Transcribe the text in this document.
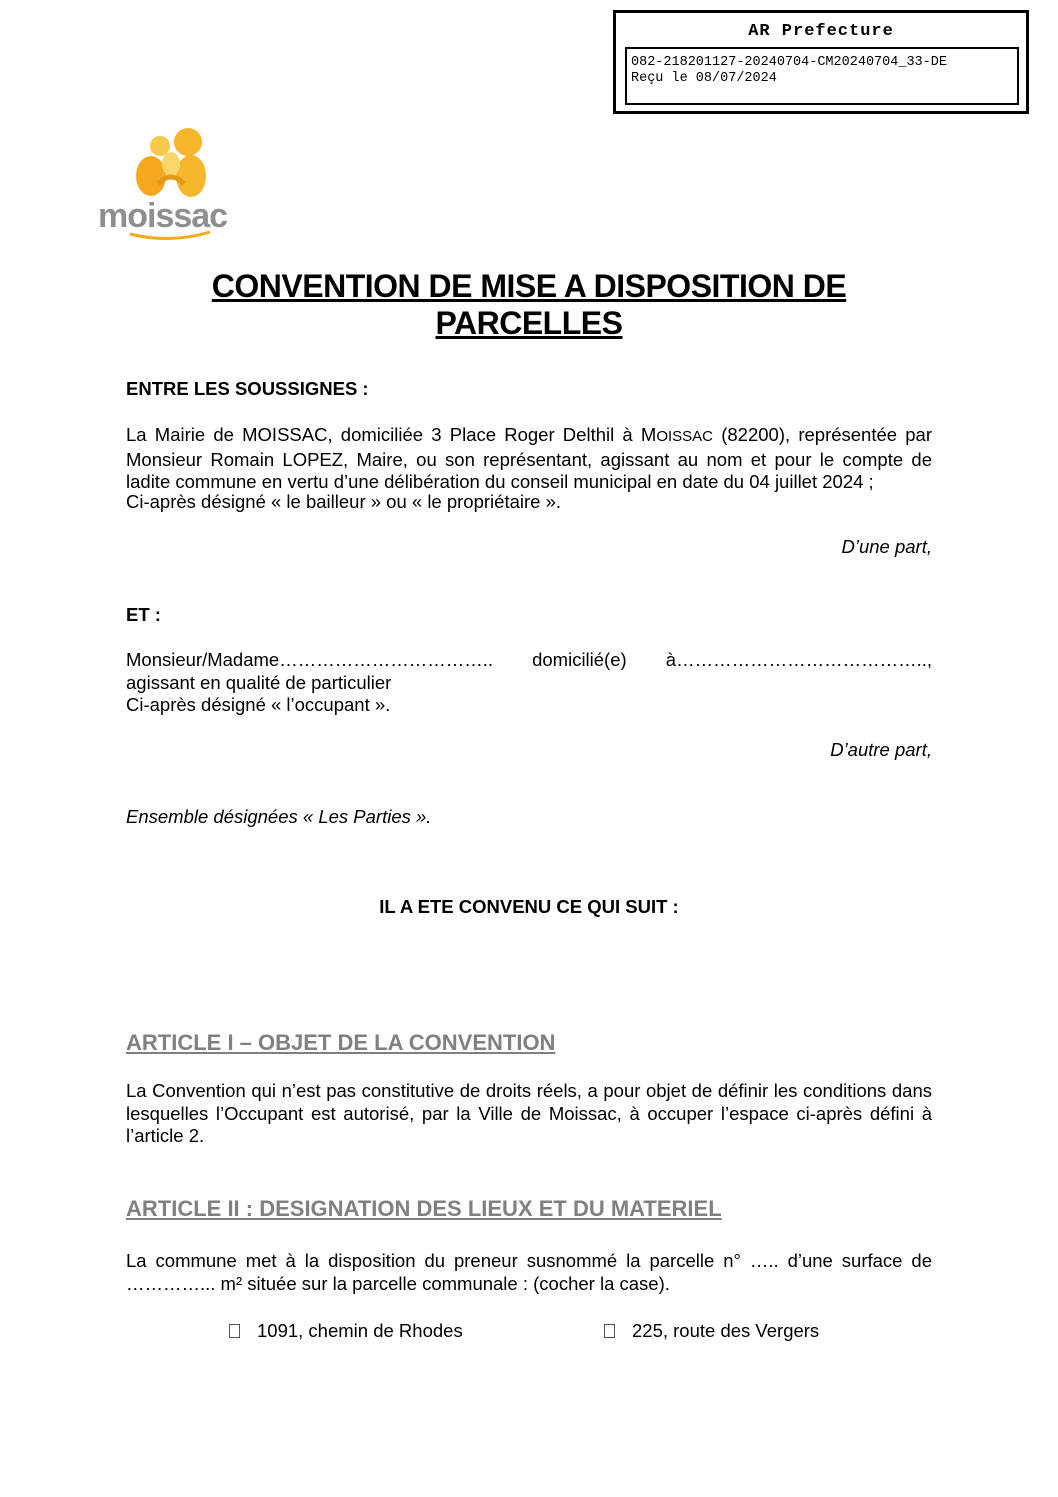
AR Prefecture
082-218201127-20240704-CM20240704_33-DE
Reçu le 08/07/2024
moissac
CONVENTION DE MISE A DISPOSITION DE
PARCELLES
ENTRE LES SOUSSIGNES :
La Mairie de MOISSAC, domiciliée 3 Place Roger Delthil à MOISSAC (82200), représentée par Monsieur Romain LOPEZ, Maire, ou son représentant, agissant au nom et pour le compte de ladite commune en vertu d’une délibération du conseil municipal en date du 04 juillet 2024 ;
Ci-après désigné « le bailleur » ou « le propriétaire ».
D’une part,
ET :
Monsieur/Madame…………………………….. domicilié(e) à…………………………………..,
agissant en qualité de particulier
Ci-après désigné « l’occupant ».
D’autre part,
Ensemble désignées « Les Parties ».
IL A ETE CONVENU CE QUI SUIT :
ARTICLE I – OBJET DE LA CONVENTION
La Convention qui n’est pas constitutive de droits réels, a pour objet de définir les conditions dans lesquelles l’Occupant est autorisé, par la Ville de Moissac, à occuper l’espace ci-après défini à l’article 2.
ARTICLE II : DESIGNATION DES LIEUX ET DU MATERIEL
La commune met à la disposition du preneur susnommé la parcelle n° ….. d’une surface de …………... m² située sur la parcelle communale : (cocher la case).
1091, chemin de Rhodes	225, route des Vergers
